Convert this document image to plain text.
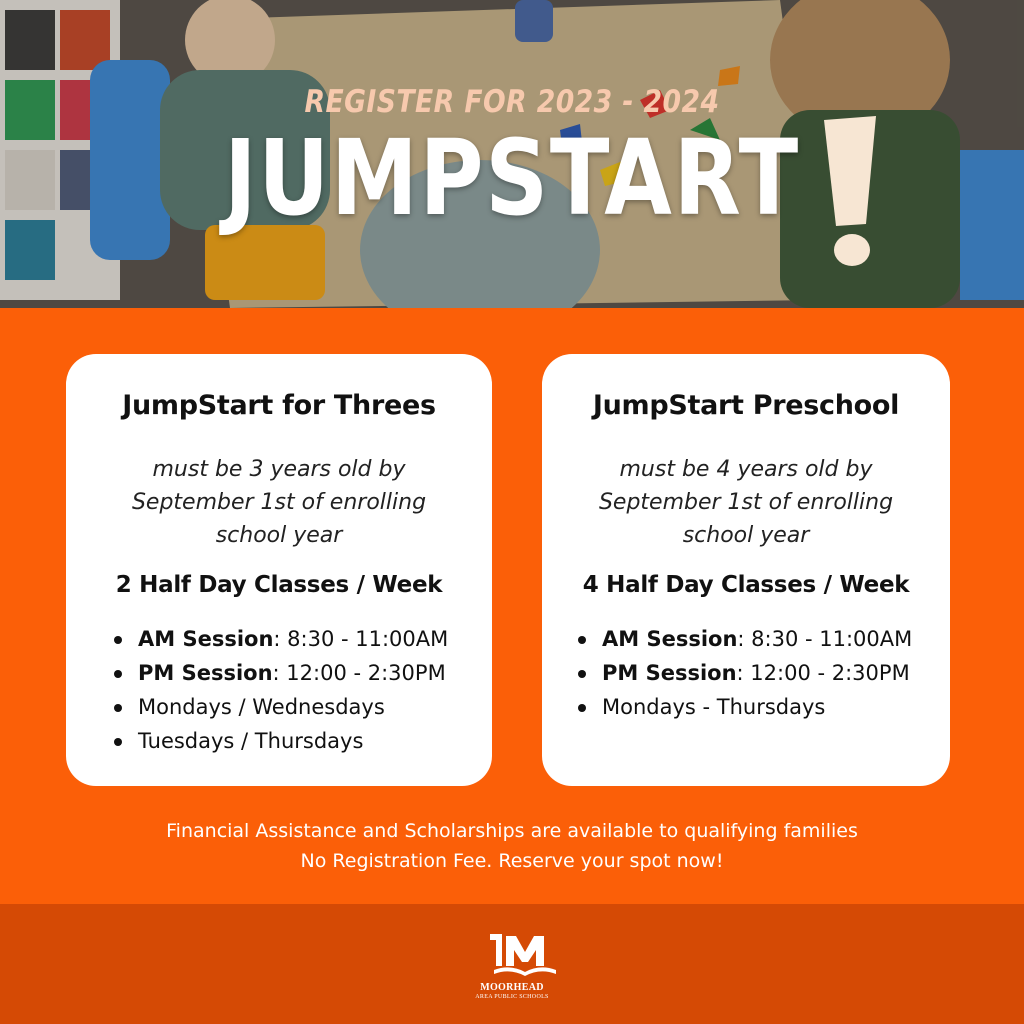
REGISTER FOR 2023 - 2024
JUMPSTART
JumpStart for Threes
must be 3 years old by September 1st of enrolling school year
2 Half Day Classes / Week
AM Session: 8:30 - 11:00AM
PM Session: 12:00 - 2:30PM
Mondays / Wednesdays
Tuesdays / Thursdays
JumpStart Preschool
must be 4 years old by September 1st of enrolling school year
4 Half Day Classes / Week
AM Session: 8:30 - 11:00AM
PM Session: 12:00 - 2:30PM
Mondays - Thursdays
Financial Assistance and Scholarships are available to qualifying families
No Registration Fee. Reserve your spot now!
MOORHEAD
AREA PUBLIC SCHOOLS
